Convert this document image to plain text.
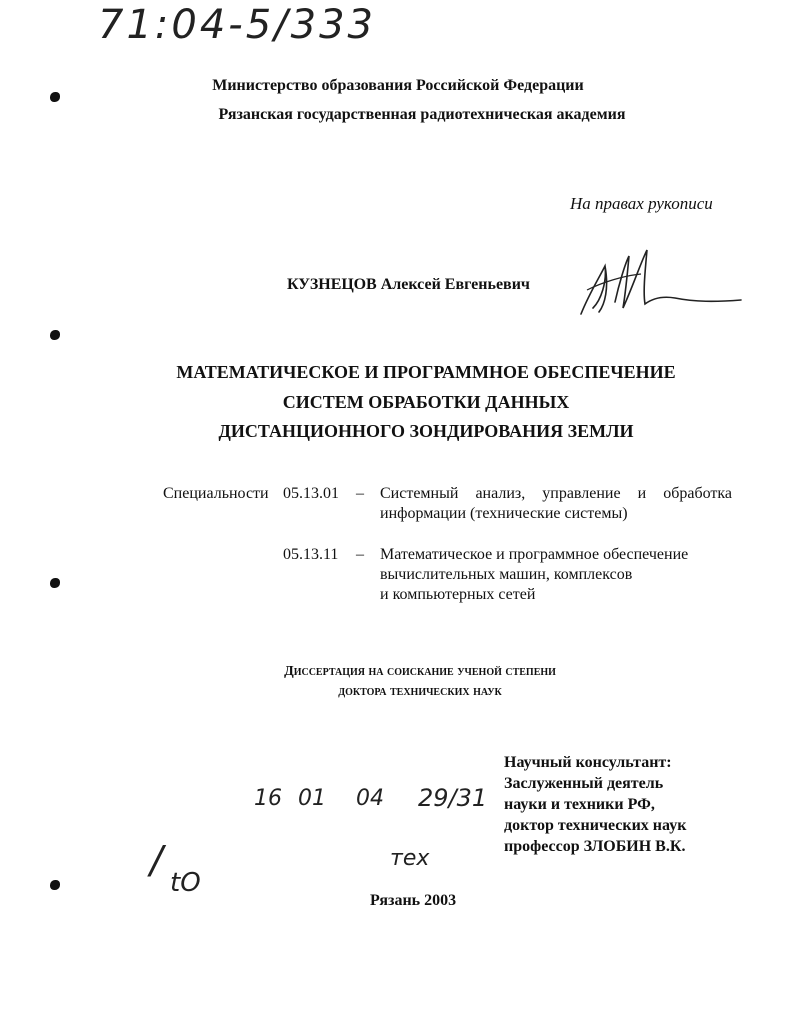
71:04-5/333
Министерство образования Российской Федерации
Рязанская государственная радиотехническая академия
На правах рукописи
КУЗНЕЦОВ Алексей Евгеньевич
МАТЕМАТИЧЕСКОЕ И ПРОГРАММНОЕ ОБЕСПЕЧЕНИЕ
СИСТЕМ ОБРАБОТКИ ДАННЫХ
ДИСТАНЦИОННОГО ЗОНДИРОВАНИЯ ЗЕМЛИ
Специальности 05.13.01 – Системный анализ, управление и обработка
информации (технические системы)
05.13.11 – Математическое и программное обеспечение
вычислительных машин, комплексов
и компьютерных сетей
Диссертация на соискание ученой степени
доктора технических наук
Научный консультант:
Заслуженный деятель
науки и техники РФ,
доктор технических наук
профессор ЗЛОБИН В.К.
16 01 04 29/31
тех
/
tO
Рязань 2003
